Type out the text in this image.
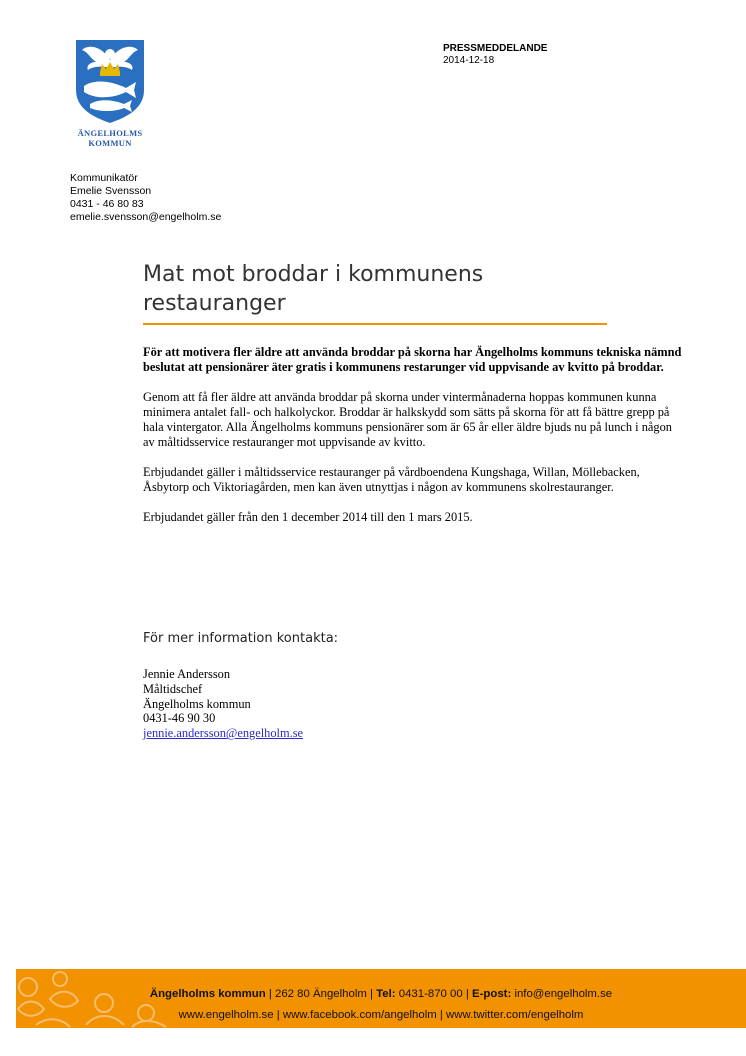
ÄNGELHOLMS
KOMMUN
PRESSMEDDELANDE
2014-12-18
Kommunikatör
Emelie Svensson
0431 - 46 80 83
emelie.svensson@engelholm.se
Mat mot broddar i kommunens
restauranger

För att motivera fler äldre att använda broddar på skorna har Ängelholms kommuns tekniska nämnd beslutat att pensionärer äter gratis i kommunens restarunger vid uppvisande av kvitto på broddar.

Genom att få fler äldre att använda broddar på skorna under vintermånaderna hoppas kommunen kunna minimera antalet fall- och halkolyckor. Broddar är halkskydd som sätts på skorna för att få bättre grepp på hala vintergator. Alla Ängelholms kommuns pensionärer som är 65 år eller äldre bjuds nu på lunch i någon av måltidsservice restauranger mot uppvisande av kvitto.

Erbjudandet gäller i måltidsservice restauranger på vårdboendena Kungshaga, Willan, Möllebacken, Åsbytorp och Viktoriagården, men kan även utnyttjas i någon av kommunens skolrestauranger.

Erbjudandet gäller från den 1 december 2014 till den 1 mars 2015.

För mer information kontakta:
Jennie Andersson
Måltidschef
Ängelholms kommun
0431-46 90 30
jennie.andersson@engelholm.se
Ängelholms kommun | 262 80 Ängelholm | Tel: 0431-870 00 | E-post: info@engelholm.se
www.engelholm.se | www.facebook.com/angelholm | www.twitter.com/engelholm
